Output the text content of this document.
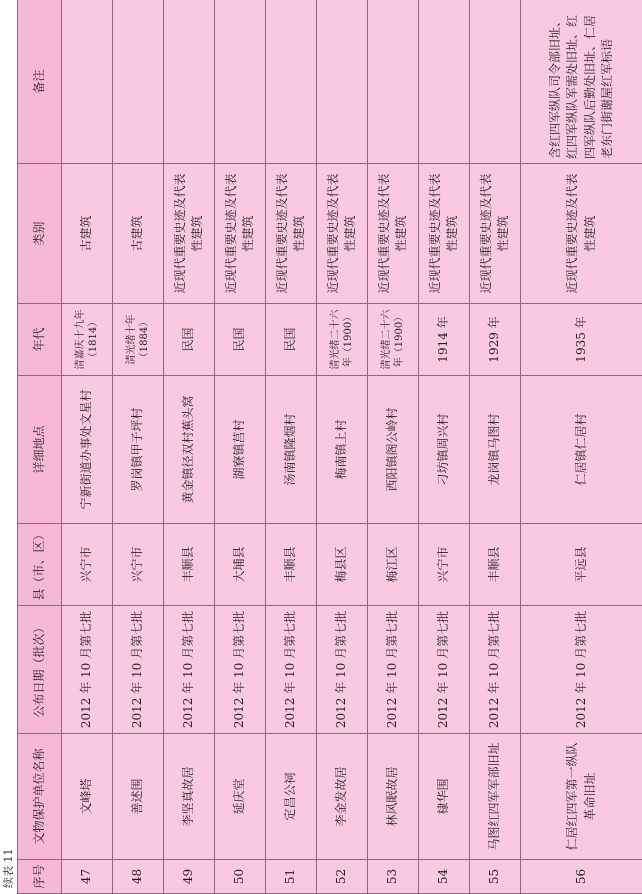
续表 11 序号	文物保护单位名称	公布日期（批次）	县（市、区）	详细地点	年代	类别	备注
47	文峰塔	2012 年 10 月第七批	兴宁市	宁新街道办事处文星村	清嘉庆十九年（1814）	古建筑	
48	善述围	2012 年 10 月第七批	兴宁市	罗岗镇甲子坪村	清光绪十年（1884）	古建筑	
49	李坚真故居	2012 年 10 月第七批	丰顺县	黄金镇径双村蕉头窝	民国	近现代重要史迹及代表性建筑	
50	延庆堂	2012 年 10 月第七批	大埔县	湖寮镇莒村	民国	近现代重要史迹及代表性建筑	
51	定昌公祠	2012 年 10 月第七批	丰顺县	汤南镇隆烟村	民国	近现代重要史迹及代表性建筑	
52	李金发故居	2012 年 10 月第七批	梅县区	梅南镇上村	清光绪二十六年（1900）	近现代重要史迹及代表性建筑	
53	林风眠故居	2012 年 10 月第七批	梅江区	西阳镇阁公岭村	清光绪二十六年（1900）	近现代重要史迹及代表性建筑	
54	棣华围	2012 年 10 月第七批	兴宁市	刁坊镇周兴村	1914 年	近现代重要史迹及代表性建筑	
55	马图红四军军部旧址	2012 年 10 月第七批	丰顺县	龙岗镇马图村	1929 年	近现代重要史迹及代表性建筑	
56	仁居红四军第一纵队革命旧址	2012 年 10 月第七批	平远县	仁居镇仁居村	1935 年	近现代重要史迹及代表性建筑	含红四军纵队司令部旧址、红四军纵队军需处旧址、红四军纵队后勤处旧址、仁居老东门街谢屋红军标语
